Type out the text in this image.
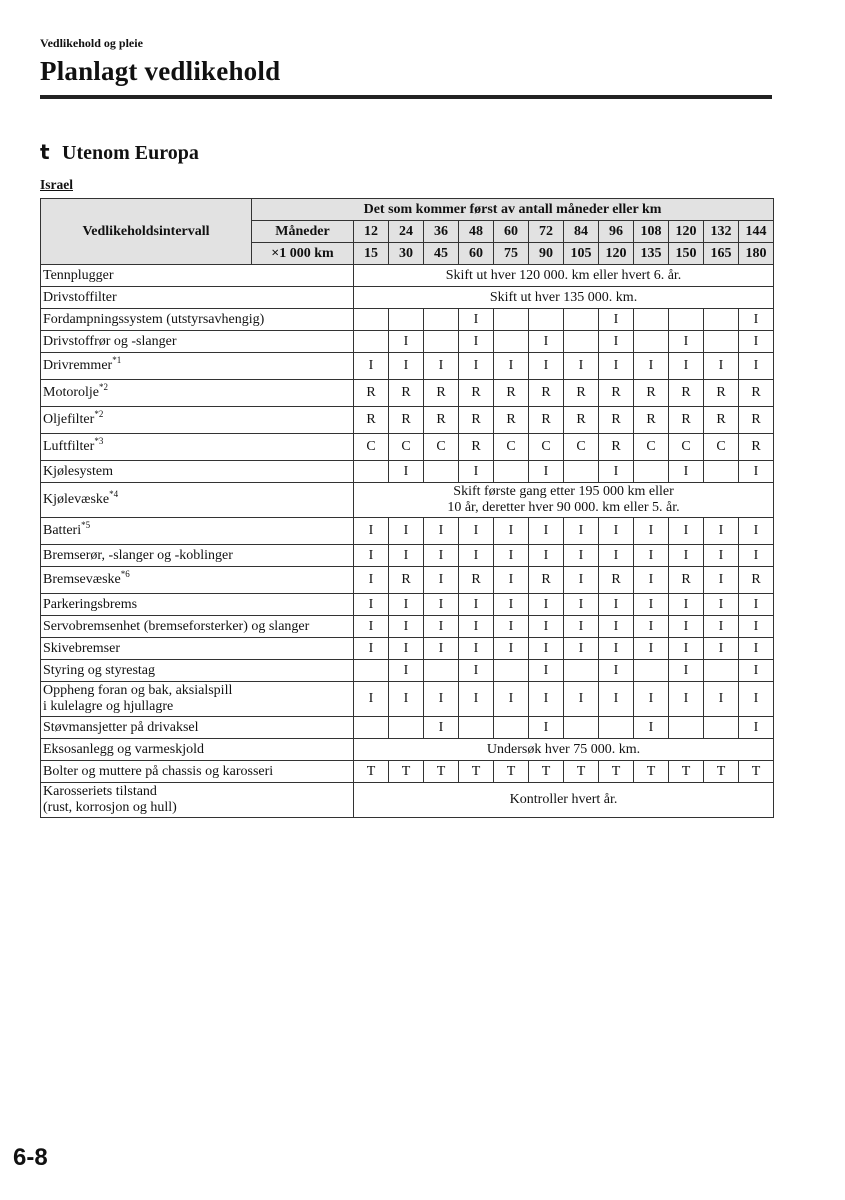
Vedlikehold og pleie
Planlagt vedlikehold
t Utenom Europa
Israel
Vedlikeholdsintervall	Det som kommer først av antall måneder eller km												
	Måneder	12	24	36	48	60	72	84	96	108	120	132	144
	×1 000 km	15	30	45	60	75	90	105	120	135	150	165	180
Tennplugger		Skift ut hver 120 000. km eller hvert 6. år.											
Drivstoffilter		Skift ut hver 135 000. km.											
Fordampningssystem (utstyrsavhengig)					I				I				I
Drivstoffrør og -slanger			I		I		I		I		I		I
Drivremmer$^{*1}$		I	I	I	I	I	I	I	I	I	I	I	I
Motorolje$^{*2}$		R	R	R	R	R	R	R	R	R	R	R	R
Oljefilter$^{*2}$		R	R	R	R	R	R	R	R	R	R	R	R
Luftfilter$^{*3}$		C	C	C	R	C	C	C	R	C	C	C	R
Kjølesystem			I		I		I		I		I		I
Kjølevæske$^{*4}$		Skift første gang etter 195 000 km eller
10 år, deretter hver 90 000. km eller 5. år.											

Batteri$^{*5}$		I	I	I	I	I	I	I	I	I	I	I	I
Bremserør, -slanger og -koblinger		I	I	I	I	I	I	I	I	I	I	I	I
Bremsevæske$^{*6}$		I	R	I	R	I	R	I	R	I	R	I	R
Parkeringsbrems		I	I	I	I	I	I	I	I	I	I	I	I
Servobremsenhet (bremseforsterker) og slanger		I	I	I	I	I	I	I	I	I	I	I	I
Skivebremser		I	I	I	I	I	I	I	I	I	I	I	I
Styring og styrestag			I		I		I		I		I		I

Oppheng foran og bak, aksialspill
i kulelagre og hjullagre		I	I	I	I	I	I	I	I	I	I	I	I
Støvmansjetter på drivaksel				I			I			I			I
Eksosanlegg og varmeskjold		Undersøk hver 75 000. km.											
Bolter og muttere på chassis og karosseri		T	T	T	T	T	T	T	T	T	T	T	T

Karosseriets tilstand
(rust, korrosjon og hull)		Kontroller hvert år.											
6-8
